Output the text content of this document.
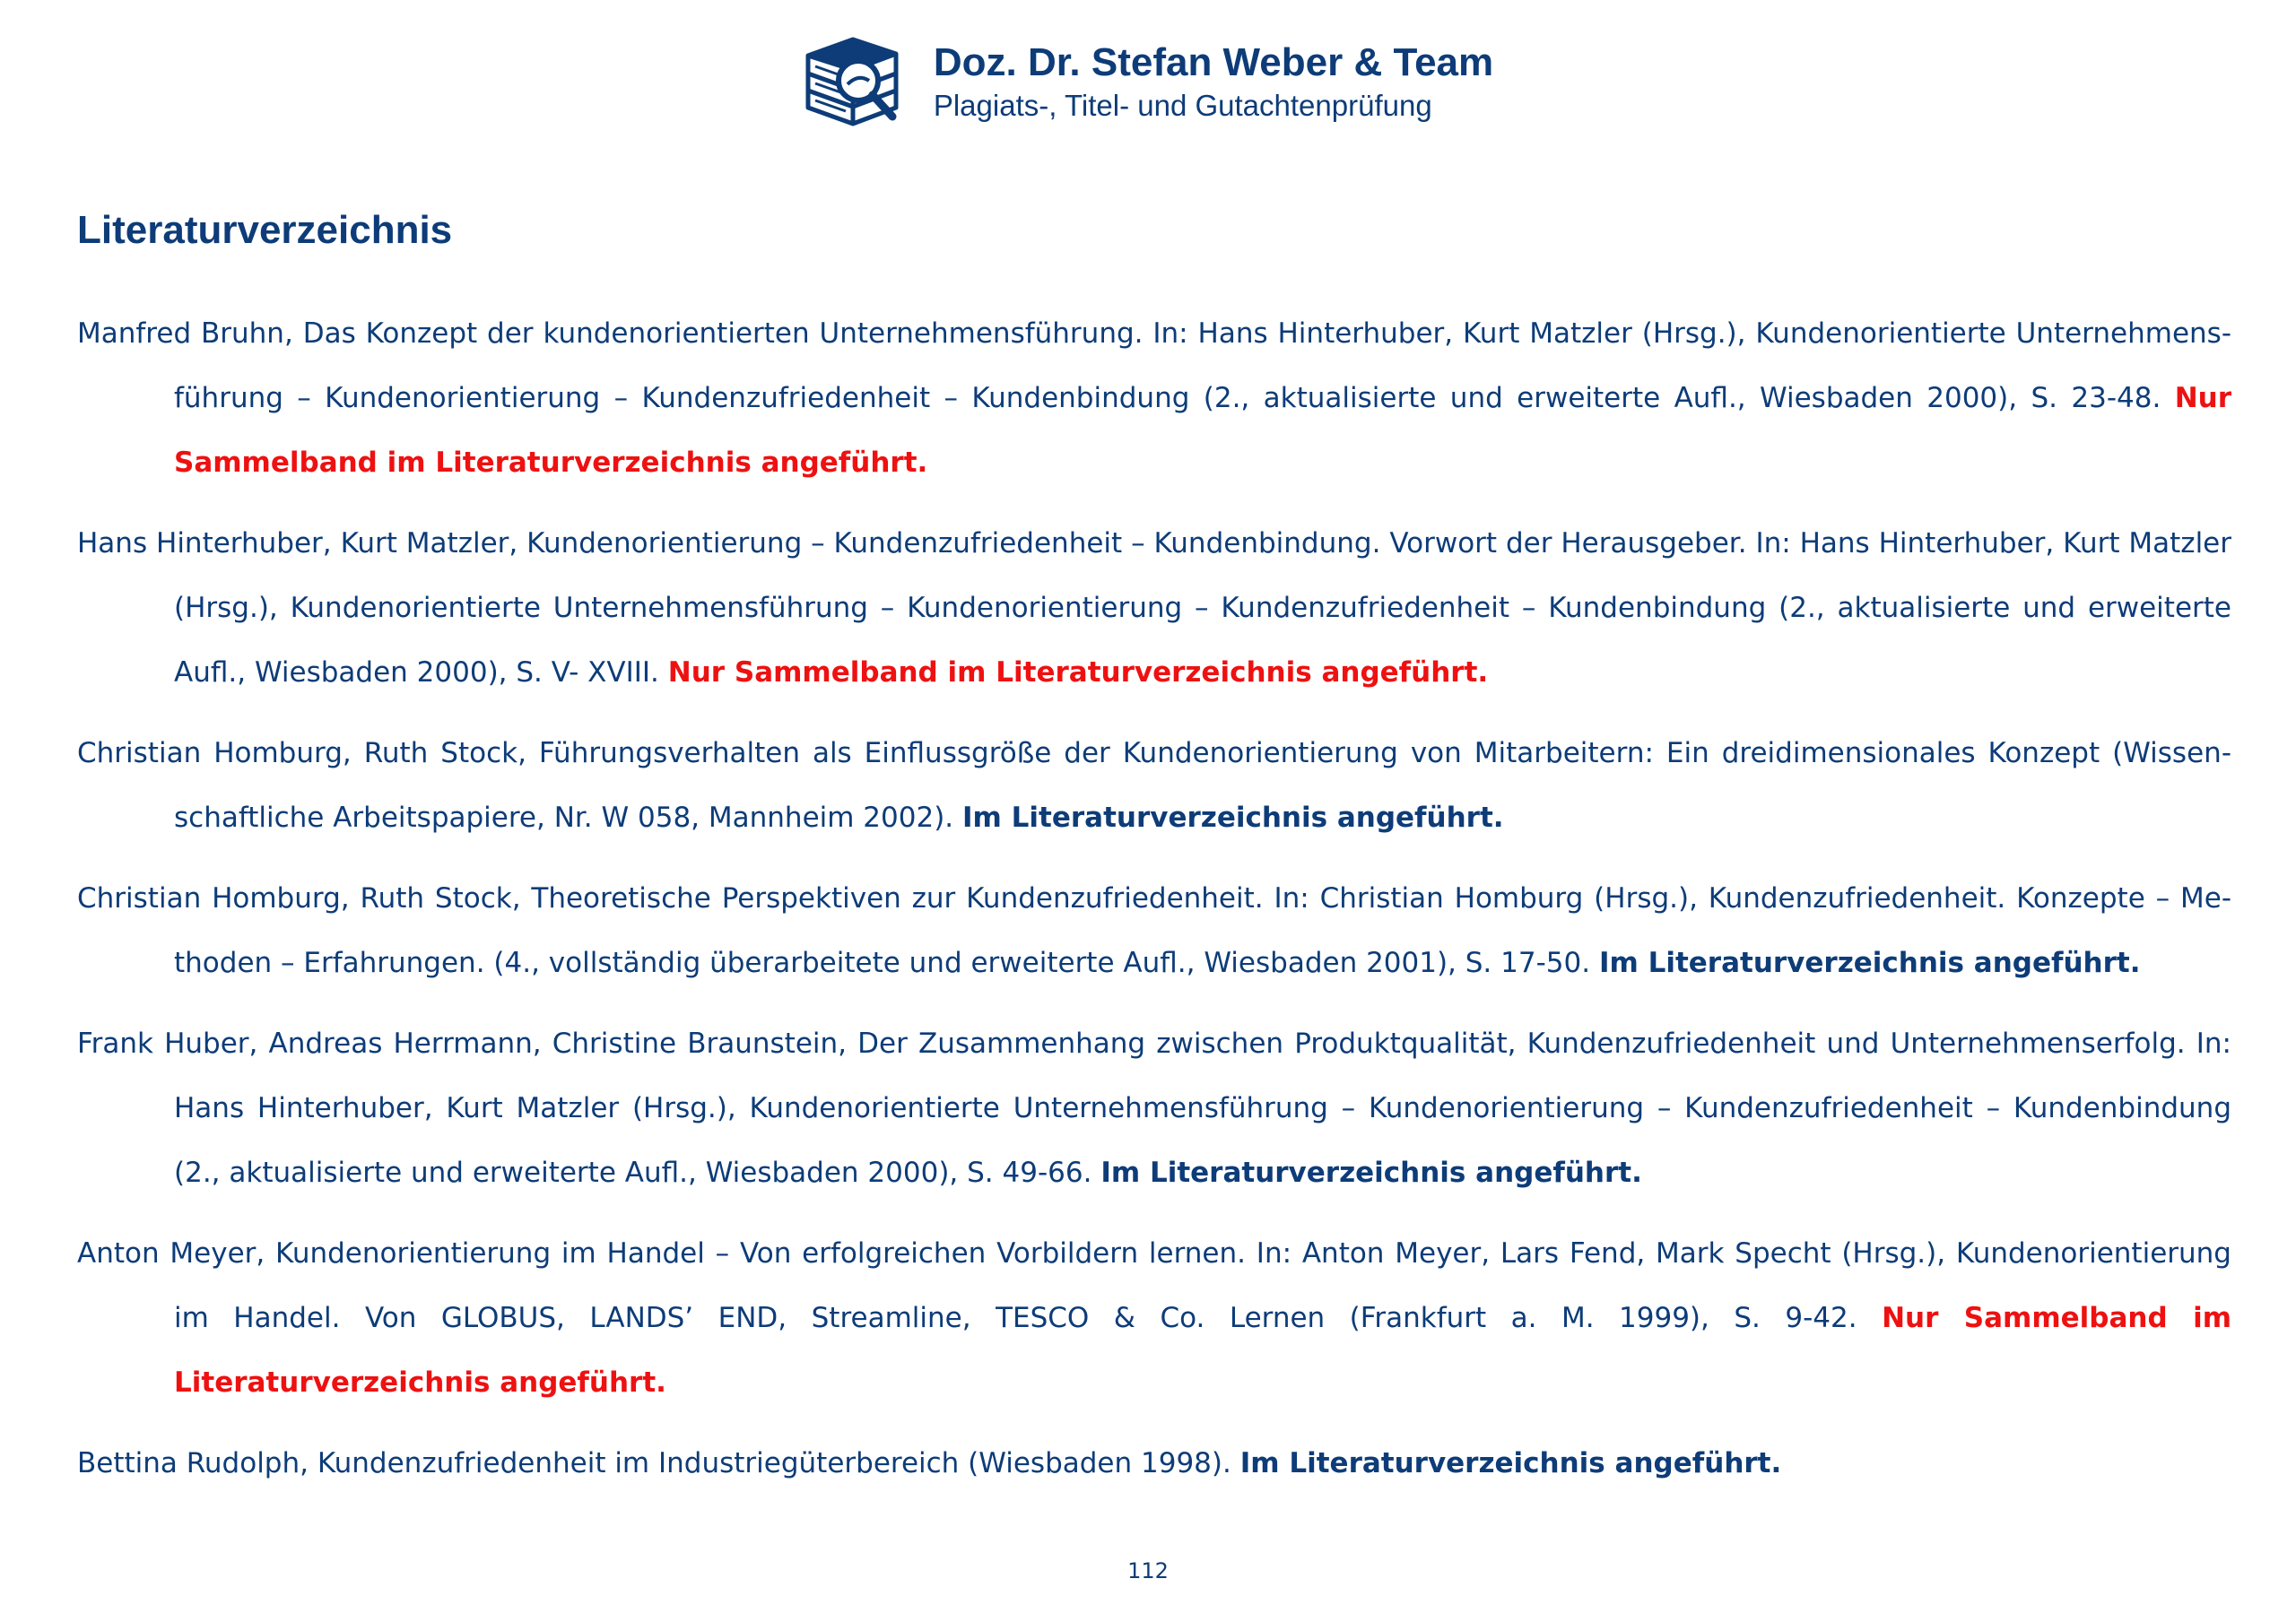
Doz. Dr. Stefan Weber & Team
Plagiats-, Titel- und Gutachtenprüfung
Literaturverzeichnis

Manfred Bruhn, Das Konzept der kundenorientierten Unternehmensführung. In: Hans Hinterhuber, Kurt Matzler (Hrsg.), Kundenorientierte Unternehmensführung – Kundenorientierung – Kundenzufriedenheit – Kundenbindung (2., aktualisierte und erweiterte Aufl., Wiesbaden 2000), S. 23-48. Nur Sammelband im Literaturverzeichnis angeführt.

Hans Hinterhuber, Kurt Matzler, Kundenorientierung – Kundenzufriedenheit – Kundenbindung. Vorwort der Herausgeber. In: Hans Hinterhuber, Kurt Matzler (Hrsg.), Kundenorientierte Unternehmensführung – Kundenorientierung – Kundenzufriedenheit – Kundenbindung (2., aktualisierte und erweiterte Aufl., Wiesbaden 2000), S. V- XVIII. Nur Sammelband im Literaturverzeichnis angeführt.

Christian Homburg, Ruth Stock, Führungsverhalten als Einflussgröße der Kundenorientierung von Mitarbeitern: Ein dreidimensionales Konzept (Wissenschaftliche Arbeitspapiere, Nr. W 058, Mannheim 2002). Im Literaturverzeichnis angeführt.

Christian Homburg, Ruth Stock, Theoretische Perspektiven zur Kundenzufriedenheit. In: Christian Homburg (Hrsg.), Kundenzufriedenheit. Konzepte – Methoden – Erfahrungen. (4., vollständig überarbeitete und erweiterte Aufl., Wiesbaden 2001), S. 17-50. Im Literaturverzeichnis angeführt.

Frank Huber, Andreas Herrmann, Christine Braunstein, Der Zusammenhang zwischen Produktqualität, Kundenzufriedenheit und Unternehmenserfolg. In: Hans Hinterhuber, Kurt Matzler (Hrsg.), Kundenorientierte Unternehmensführung – Kundenorientierung – Kundenzufriedenheit – Kundenbindung (2., aktualisierte und erweiterte Aufl., Wiesbaden 2000), S. 49-66. Im Literaturverzeichnis angeführt.

Anton Meyer, Kundenorientierung im Handel – Von erfolgreichen Vorbildern lernen. In: Anton Meyer, Lars Fend, Mark Specht (Hrsg.), Kundenorientierung im Handel. Von GLOBUS, LANDS’ END, Streamline, TESCO & Co. Lernen (Frankfurt a. M. 1999), S. 9-42. Nur Sammelband im Literaturverzeichnis angeführt.

Bettina Rudolph, Kundenzufriedenheit im Industriegüterbereich (Wiesbaden 1998). Im Literaturverzeichnis angeführt.

112
